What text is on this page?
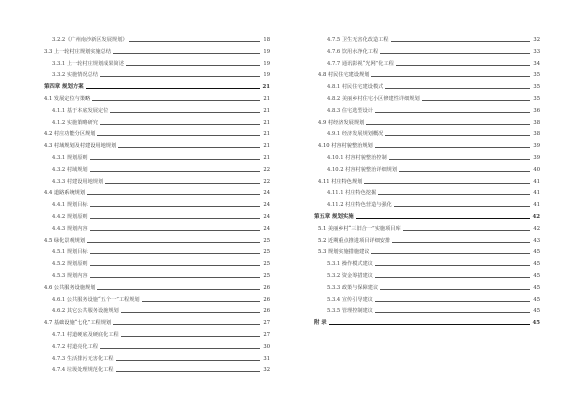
3.2.2《广州南沙新区发展规划》	18
3.3 上一轮村庄规划实施总结	19
3.3.1 上一轮村庄规划成果简述	19
3.3.2 实施情况总结	19
第四章 规划方案	21
4.1 发展定位与策略	21
4.1.1 基于本底发展定位	21
4.1.2 实施策略研究	21
4.2 村庄功能分区规划	21
4.3 村域规划及村建设用地规划	21
4.3.1 规划原则	21
4.3.2 村域规划	22
4.3.3 村建设用地规划	22
4.4 道路系统规划	24
4.4.1 规划目标	24
4.4.2 规划原则	24
4.4.3 规划内容	24
4.5 绿化景观规划	25
4.5.1 规划目标	25
4.5.2 规划原则	25
4.5.3 规划内容	25
4.6 公共服务设施规划	26
4.6.1 公共服务设施“五个一”工程规划	26
4.6.2 其它公共服务设施规划	26
4.7 基础设施“七化”工程规划	27
4.7.1 村道硬底及硬底化工程	27
4.7.2 村道亮化工程	30
4.7.3 生活排污无害化工程	31
4.7.4 垃圾处理规范化工程	32
4.7.5 卫生无害化改造工程	32
4.7.6 饮用水净化工程	33
4.7.7 通讯影视“光网”化工程	34
4.8 村民住宅建设规划	35
4.8.1 村民住宅建设模式	35
4.8.2 美丽乡村住宅小区修建性详细规划	35
4.8.3 住宅选型设计	36
4.9 村经济发展规划	38
4.9.1 经济发展规划概况	38
4.10 村容村貌整治规划	39
4.10.1 村容村貌整治控制	39
4.10.2 村容村貌整治详细规划	40
4.11 村庄特色规划	41
4.11.1 村庄特色挖掘	41
4.11.2 村庄特色营造与强化	41
第五章 规划实施	42
5.1 美丽乡村“三旧合一”实施项目库	42
5.2 近期重点推进项目详细安排	43
5.3 规划实施措施建议	45
5.3.1 操作模式建议	45
5.3.2 资金筹措建议	45
5.3.3 政策与保障建议	45
5.3.4 宣传引导建议	45
5.3.5 管理控制建议	45
附 录	45
